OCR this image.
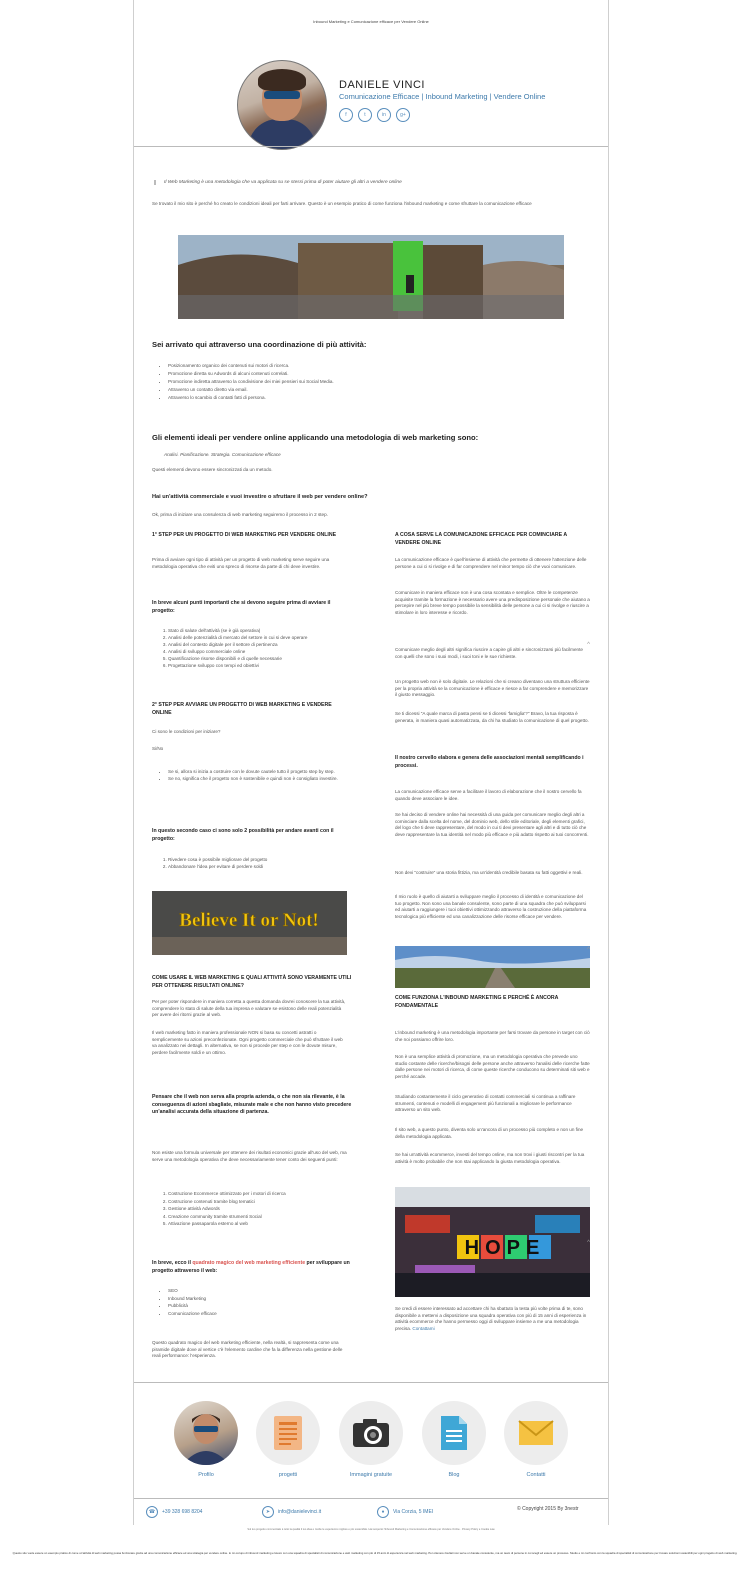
Inbound Marketing e Comunicazione efficace per Vendere Online
DANIELE VINCI
Comunicazione Efficace | Inbound Marketing | Vendere Online
f	t	in	g+
Il Web Marketing è una metodologia che va applicata su se stessi prima di poter aiutare gli altri a vendere online
Se trovato il mio sito è perché ho creato le condizioni ideali per farti arrivare. Questo è un esempio pratico di come funziona l'inbound marketing e come sfruttare la comunicazione efficace
Sei arrivato qui attraverso una coordinazione di più attività:
• Posizionamento organico dei contenuti sui motori di ricerca.
• Promozione diretta su Adwords di alcuni contenuti correlati.
• Promozione indiretta attraverso la condivisione dei miei pensieri sui Social Media.
• Attraverso un contatto diretto via email.
• Attraverso lo scambio di contatti fatti di persona.
Gli elementi ideali per vendere online applicando una metodologia di web marketing sono:
Analisi. Pianificazione. Strategia. Comunicazione efficace
Questi elementi devono essere sincronizzati da un metodo.
Hai un'attività commerciale e vuoi investire o sfruttare il web per vendere online?
Ok, prima di iniziare una consulenza di web marketing seguiremo il processo in 2 step.
1° STEP PER UN PROGETTO DI WEB MARKETING PER VENDERE ONLINE
Prima di avviare ogni tipo di attività per un progetto di web marketing serve seguire una metodologia operativa che eviti uno spreco di risorse da parte di chi deve investire.
In breve alcuni punti importanti che si devono seguire prima di avviare il progetto:
1. Stato di salute dell'attività (se è già operativa)
2. Analisi delle potenzialità di mercato del settore in cui si deve operare
3. Analisi del contesto digitale per il settore di pertinenza
4. Analisi di sviluppo commerciale online
5. Quantificazione risorse disponibili e di quelle necessarie
6. Progettazione sviluppo con tempi ed obiettivi
2° STEP PER AVVIARE UN PROGETTO DI WEB MARKETING E VENDERE ONLINE
Ci sono le condizioni per iniziare?
Si/No
• Se si, allora si inizia a costruire con le dovute cautele tutto il progetto step by step.
• Se no, significa che il progetto non è sostenibile e quindi non è consigliato investire.
In questo secondo caso ci sono solo 2 possibilità per andare avanti con il progetto:
1. Rivedere cosa è possibile migliorare del progetto
2. Abbandonare l'idea per evitare di perdere soldi
Believe It or Not!
COME USARE IL WEB MARKETING E QUALI ATTIVITÀ SONO VERAMENTE UTILI PER OTTENERE RISULTATI ONLINE?
Per per poter rispondere in maniera corretta a questa domanda dovrei conoscere la tua attività, comprendere lo stato di salute della tua impresa e valutare se esistono delle reali potenzialità per avere dei ritorni grazie al web.
Il web marketing fatto in maniera professionale NON si basa su concetti astratti o semplicemente su azioni preconfezionate. Ogni progetto commerciale che può sfruttare il web va analizzato nei dettagli. In alternativa, se non si procede per step e con le dovute misure, perdere facilmente soldi e un ottimo.
Pensare che il web non serva alla propria azienda, o che non sia rilevante, è la conseguenza di azioni sbagliate, misurate male e che non hanno visto precedere un'analisi accurata della situazione di partenza.
Non esiste una formula universale per ottenere dei risultati economici grazie all'uso del web, ma serve una metodologia operativa che deve necessariamente tener conto dei seguenti punti:
1. Costruzione Ecommerce ottimizzato per i motori di ricerca
2. Costruzione contenuti tramite blog tematici
3. Gestione attività Adwords
4. Creazione community tramite strumenti Social
5. Attivazione passaparola esterno al web
In breve, ecco il quadrato magico del web marketing efficiente per sviluppare un progetto attraverso il web:
• SEO
• Inbound Marketing
• Pubblicità
• Comunicazione efficace
Questo quadrato magico del web marketing efficiente, nella realtà, si rappresenta come una piramide digitale dove al vertice c'è l'elemento cardine che fa la differenza nella gestione delle reali performance: l'esperienza.
A COSA SERVE LA COMUNICAZIONE EFFICACE PER COMINCIARE A VENDERE ONLINE
La comunicazione efficace è quell'insieme di attività che permette di ottenere l'attenzione delle persone a cui ci si rivolge e di far comprendere nel minor tempo ciò che vuoi comunicare.
Comunicare in maniera efficace non è una cosa scontata e semplice. Oltre le competenze acquisite tramite la formazione è necessario avere una predisposizione personale che aiutano a percepire nel più breve tempo possibile la sensibilità delle persone a cui ci si rivolge e riuscire a stimolare in loro interesse e ricordo.
Comunicare meglio degli altri significa riuscire a capire gli altri e sincronizzarsi più facilmente con quelli che sono i suoi modi, i suoi toni e le sue richieste.
Un progetto web non è solo digitale. Le relazioni che si creano diventano una struttura efficiente per la propria attività se la comunicazione è efficace e riesce a far comprendere e memorizzare il giusto messaggio.
Se ti dicessi "A quale marca di pasta pensi se ti dicessi 'famiglia'?" Bravo, la tua risposta è generata, in maniera quasi automatizzata, da chi ha studiato la comunicazione di quel progetto.
Il nostro cervello elabora e genera delle associazioni mentali semplificando i processi.
La comunicazione efficace serve a facilitare il lavoro di elaborazione che il nostro cervello fa quando deve associare le idee.
Se hai deciso di vendere online hai necessità di una guida per comunicare meglio degli altri a cominciare dalla scelta del nome, del dominio web, dello stile editoriale, degli elementi grafici, del logo che ti deve rappresentare, del modo in cui ti devi presentare agli altri e di tutto ciò che deve rappresentare la tua identità nel modo più efficace e più adatto rispetto ai tuoi concorrenti.
Non devi "costruire" una storia fittizia, ma un'identità credibile basata su fatti oggettivi e reali.
Il mio ruolo è quello di aiutarti a sviluppare meglio il processo di identità e comunicazione del tuo progetto. Non sono una banale consulente, sono parte di una squadra che può svilupparsi ed aiutarti a raggiungere i tuoi obiettivi ottimizzando attraverso la costruzione della piattaforma tecnologica più efficiente ed una canalizzazione delle risorse efficace per vendere.
COME FUNZIONA L'INBOUND MARKETING E PERCHÉ È ANCORA FONDAMENTALE
L'inbound marketing è una metodologia importante per farsi trovare da persone in target con ciò che noi possiamo offrire loro.
Non è una semplice attività di promozione, ma un metodologia operativa che prevede uno studio costante delle ricerche/bisogni delle persone anche attraverso l'analisi delle ricerche fatte dalle persone nei motori di ricerca, di come queste ricerche conducono su determinati siti web e perché accade.
Studiando costantemente il ciclo generativo di contatti commerciali si continua a raffinare strumenti, contenuti e modelli di engagement più funzionali a migliorare le performance attraverso un sito web.
Il sito web, a questo punto, diventa solo un'ancora di un processo più completo e non un fine della metodologia applicata.
Se hai un'attività ecommerce, investi del tempo online, ma non trovi i giusti riscontri per la tua attività è molto probabile che non stai applicando la giusta metodologia operativa.
HOPE
Se credi di essere interessato ad accettare chi ha sbattuto la testa più volte prima di te, sono disponibile a mettervi a disposizione una squadra operativa con più di 15 anni di esperienza in attività ecommerce che hanno permesso oggi di sviluppare insieme a me una metodologia precisa. Contattami
Profilo	progetti	Immagini gratuite	Blog	Contatti
☎	+39 328 698 8204	➤	info@danielevinci.it	●	Via Corzia, 5 IMEI	© Copyright 2015 By 3nestr
Sul tuo progetto commerciale è tutto la qualità il tuo idea e rivolte le esperienze migliore e più sostenibile. Hai scoperto l'Inbound Marketing e Comunicazione efficace per Vendere Online · Privacy Policy e Cookie Law
^
^
^
Questo sito vuole essere un esempio pratico di come un'attività di web marketing possa funzionare grazie ad una comunicazione efficace ed una strategia per vendere online. Io mi occupo di inbound marketing e lavoro con una squadra di specialisti di comunicazione e web marketing con più di 15 anni di esperienza nel web marketing. Per ottenere risultati non serve un banale consulente, ma un team di persone in cui scegli ed essere un processo. Studio e mi confronto con la squadra di specialisti di comunicazione per trovare soluzioni sostenibili per ogni progetto di web marketing.
